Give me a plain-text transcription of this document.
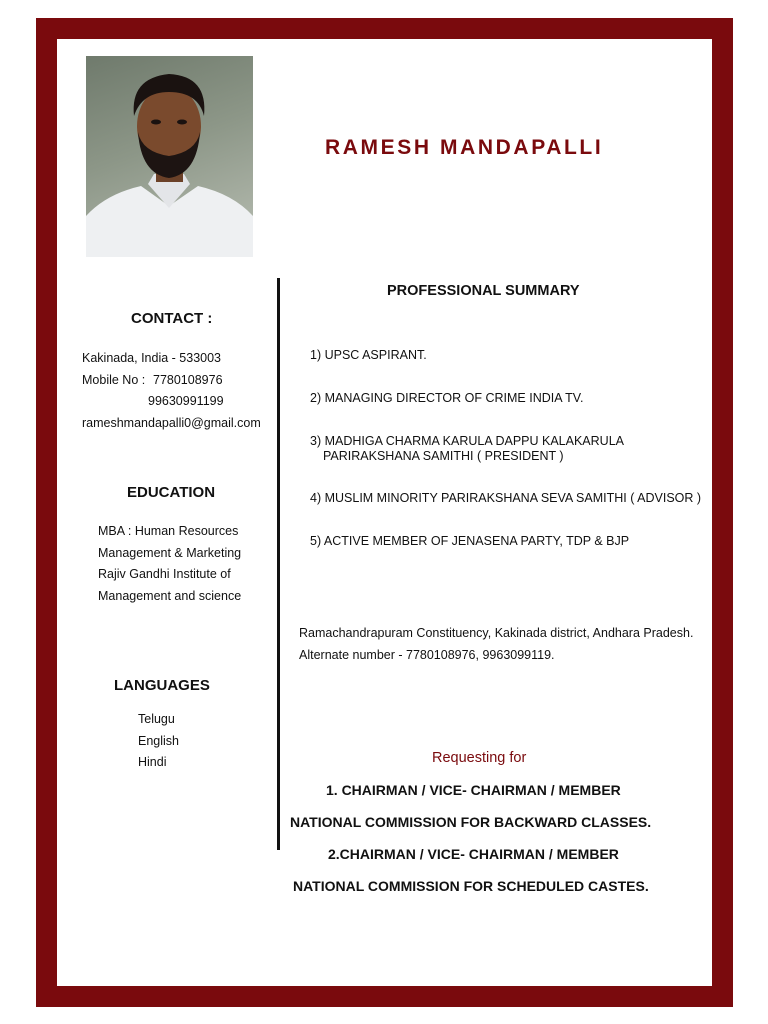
RAMESH MANDAPALLI
CONTACT :
Kakinada, India - 533003
Mobile No : 7780108976
99630991199
rameshmandapalli0@gmail.com
EDUCATION
MBA : Human Resources
Management & Marketing
Rajiv Gandhi Institute of
Management and science
LANGUAGES
Telugu
English
Hindi
PROFESSIONAL SUMMARY
1) UPSC ASPIRANT.
2) MANAGING DIRECTOR OF CRIME INDIA TV.
3) MADHIGA CHARMA KARULA DAPPU KALAKARULA
PARIRAKSHANA SAMITHI ( PRESIDENT )
4) MUSLIM MINORITY PARIRAKSHANA SEVA SAMITHI ( ADVISOR )
5) ACTIVE MEMBER OF JENASENA PARTY, TDP & BJP
Ramachandrapuram Constituency, Kakinada district, Andhara Pradesh.
Alternate number - 7780108976, 9963099119.
Requesting for
1. CHAIRMAN / VICE- CHAIRMAN / MEMBER
NATIONAL COMMISSION FOR BACKWARD CLASSES.
2.CHAIRMAN / VICE- CHAIRMAN / MEMBER
NATIONAL COMMISSION FOR SCHEDULED CASTES.
